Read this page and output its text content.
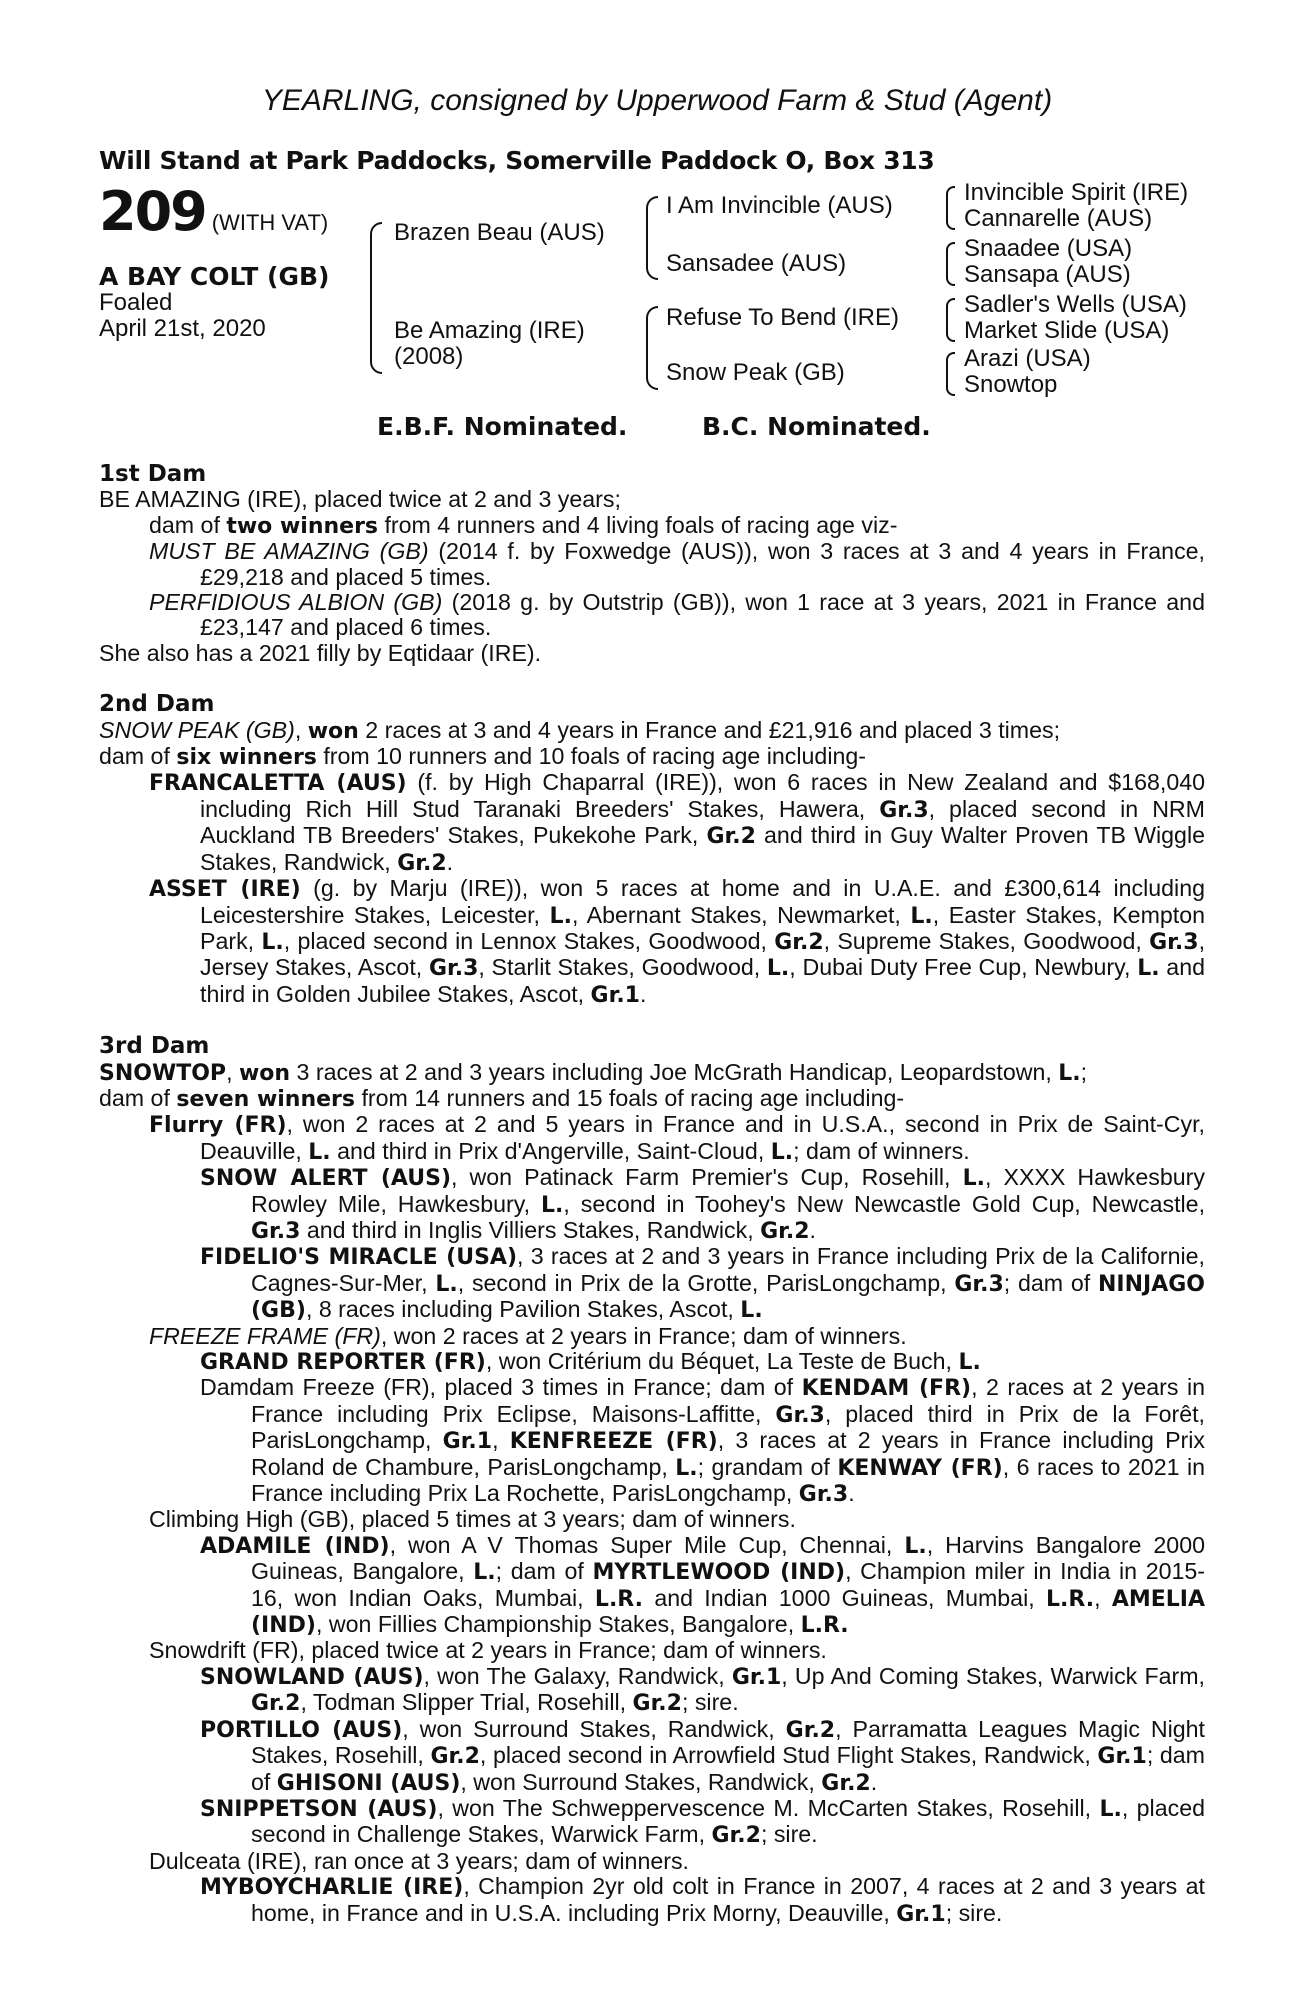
YEARLING, consigned by Upperwood Farm & Stud (Agent)
Will Stand at Park Paddocks, Somerville Paddock O, Box 313
209 (WITH VAT)
A BAY COLT (GB)
Foaled
April 21st, 2020
Brazen Beau (AUS)
Be Amazing (IRE)
(2008)
I Am Invincible (AUS)
Sansadee (AUS)
Refuse To Bend (IRE)
Snow Peak (GB)
Invincible Spirit (IRE)
Cannarelle (AUS)
Snaadee (USA)
Sansapa (AUS)
Sadler's Wells (USA)
Market Slide (USA)
Arazi (USA)
Snowtop
E.B.F. Nominated.	B.C. Nominated.
1st Dam
BE AMAZING (IRE), placed twice at 2 and 3 years;
dam of two winners from 4 runners and 4 living foals of racing age viz-
MUST BE AMAZING (GB) (2014 f. by Foxwedge (AUS)), won 3 races at 3 and 4 years in France, £29,218 and placed 5 times.
PERFIDIOUS ALBION (GB) (2018 g. by Outstrip (GB)), won 1 race at 3 years, 2021 in France and £23,147 and placed 6 times.
She also has a 2021 filly by Eqtidaar (IRE).
2nd Dam
SNOW PEAK (GB), won 2 races at 3 and 4 years in France and £21,916 and placed 3 times;
dam of six winners from 10 runners and 10 foals of racing age including-
FRANCALETTA (AUS) (f. by High Chaparral (IRE)), won 6 races in New Zealand and $168,040 including Rich Hill Stud Taranaki Breeders' Stakes, Hawera, Gr.3, placed second in NRM Auckland TB Breeders' Stakes, Pukekohe Park, Gr.2 and third in Guy Walter Proven TB Wiggle Stakes, Randwick, Gr.2.
ASSET (IRE) (g. by Marju (IRE)), won 5 races at home and in U.A.E. and £300,614 including Leicestershire Stakes, Leicester, L., Abernant Stakes, Newmarket, L., Easter Stakes, Kempton Park, L., placed second in Lennox Stakes, Goodwood, Gr.2, Supreme Stakes, Goodwood, Gr.3, Jersey Stakes, Ascot, Gr.3, Starlit Stakes, Goodwood, L., Dubai Duty Free Cup, Newbury, L. and third in Golden Jubilee Stakes, Ascot, Gr.1.
3rd Dam
SNOWTOP, won 3 races at 2 and 3 years including Joe McGrath Handicap, Leopardstown, L.;
dam of seven winners from 14 runners and 15 foals of racing age including-
Flurry (FR), won 2 races at 2 and 5 years in France and in U.S.A., second in Prix de Saint-Cyr, Deauville, L. and third in Prix d'Angerville, Saint-Cloud, L.; dam of winners.
SNOW ALERT (AUS), won Patinack Farm Premier's Cup, Rosehill, L., XXXX Hawkesbury Rowley Mile, Hawkesbury, L., second in Toohey's New Newcastle Gold Cup, Newcastle, Gr.3 and third in Inglis Villiers Stakes, Randwick, Gr.2.
FIDELIO'S MIRACLE (USA), 3 races at 2 and 3 years in France including Prix de la Californie, Cagnes-Sur-Mer, L., second in Prix de la Grotte, ParisLongchamp, Gr.3; dam of NINJAGO (GB), 8 races including Pavilion Stakes, Ascot, L.
FREEZE FRAME (FR), won 2 races at 2 years in France; dam of winners.
GRAND REPORTER (FR), won Critérium du Béquet, La Teste de Buch, L.
Damdam Freeze (FR), placed 3 times in France; dam of KENDAM (FR), 2 races at 2 years in France including Prix Eclipse, Maisons-Laffitte, Gr.3, placed third in Prix de la Forêt, ParisLongchamp, Gr.1, KENFREEZE (FR), 3 races at 2 years in France including Prix Roland de Chambure, ParisLongchamp, L.; grandam of KENWAY (FR), 6 races to 2021 in France including Prix La Rochette, ParisLongchamp, Gr.3.
Climbing High (GB), placed 5 times at 3 years; dam of winners.
ADAMILE (IND), won A V Thomas Super Mile Cup, Chennai, L., Harvins Bangalore 2000 Guineas, Bangalore, L.; dam of MYRTLEWOOD (IND), Champion miler in India in 2015-16, won Indian Oaks, Mumbai, L.R. and Indian 1000 Guineas, Mumbai, L.R., AMELIA (IND), won Fillies Championship Stakes, Bangalore, L.R.
Snowdrift (FR), placed twice at 2 years in France; dam of winners.
SNOWLAND (AUS), won The Galaxy, Randwick, Gr.1, Up And Coming Stakes, Warwick Farm, Gr.2, Todman Slipper Trial, Rosehill, Gr.2; sire.
PORTILLO (AUS), won Surround Stakes, Randwick, Gr.2, Parramatta Leagues Magic Night Stakes, Rosehill, Gr.2, placed second in Arrowfield Stud Flight Stakes, Randwick, Gr.1; dam of GHISONI (AUS), won Surround Stakes, Randwick, Gr.2.
SNIPPETSON (AUS), won The Schweppervescence M. McCarten Stakes, Rosehill, L., placed second in Challenge Stakes, Warwick Farm, Gr.2; sire.
Dulceata (IRE), ran once at 3 years; dam of winners.
MYBOYCHARLIE (IRE), Champion 2yr old colt in France in 2007, 4 races at 2 and 3 years at home, in France and in U.S.A. including Prix Morny, Deauville, Gr.1; sire.
